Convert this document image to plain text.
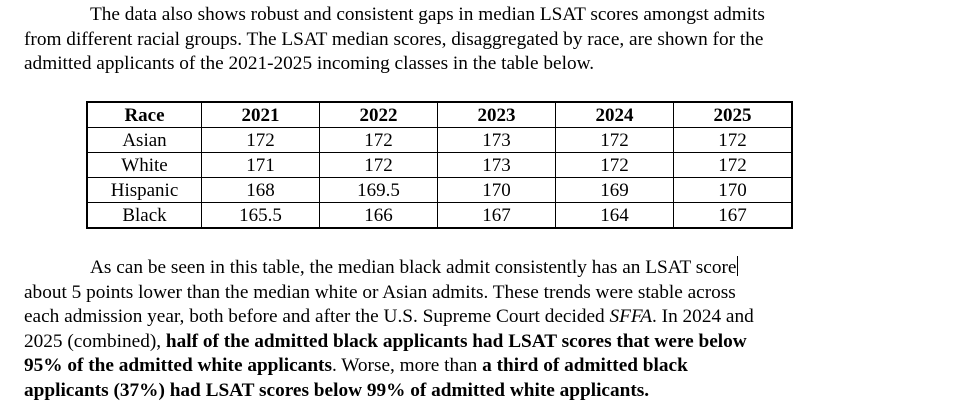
The data also shows robust and consistent gaps in median LSAT scores amongst admits
from different racial groups. The LSAT median scores, disaggregated by race, are shown for the
admitted applicants of the 2021-2025 incoming classes in the table below.

Race	2021	2022	2023	2024	2025
Asian	172	172	173	172	172
White	171	172	173	172	172
Hispanic	168	169.5	170	169	170
Black	165.5	166	167	164	167

As can be seen in this table, the median black admit consistently has an LSAT score
about 5 points lower than the median white or Asian admits. These trends were stable across
each admission year, both before and after the U.S. Supreme Court decided SFFA. In 2024 and
2025 (combined), half of the admitted black applicants had LSAT scores that were below
95% of the admitted white applicants. Worse, more than a third of admitted black
applicants (37%) had LSAT scores below 99% of admitted white applicants.
